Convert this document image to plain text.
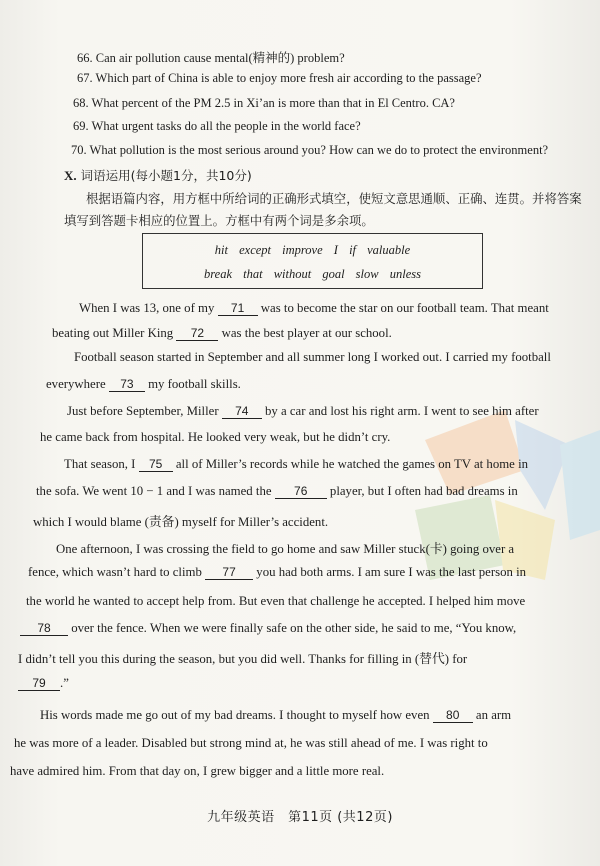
66. Can air pollution cause mental(精神的) problem?
67. Which part of China is able to enjoy more fresh air according to the passage?
68. What percent of the PM 2.5 in Xi’an is more than that in El Centro. CA?
69. What urgent tasks do all the people in the world face?
70. What pollution is the most serious around you? How can we do to protect the environment?
X. 词语运用(每小题1分，共10分)
根据语篇内容，用方框中所给词的正确形式填空，使短文意思通顺、正确、连贯。并将答案
填写到答题卡相应的位置上。方框中有两个词是多余项。
hit except improve I if valuable
break that without goal slow unless
When I was 13, one of my 71 was to become the star on our football team. That meant
beating out Miller King 72 was the best player at our school.
Football season started in September and all summer long I worked out. I carried my football
everywhere 73 my football skills.
Just before September, Miller 74 by a car and lost his right arm. I went to see him after
he came back from hospital. He looked very weak, but he didn’t cry.
That season, I 75 all of Miller’s records while he watched the games on TV at home in
the sofa. We went 10 − 1 and I was named the 76 player, but I often had bad dreams in
which I would blame (责备) myself for Miller’s accident.
One afternoon, I was crossing the field to go home and saw Miller stuck(卡) going over a
fence, which wasn’t hard to climb 77 you had both arms. I am sure I was the last person in
the world he wanted to accept help from. But even that challenge he accepted. I helped him move
78 over the fence. When we were finally safe on the other side, he said to me, “You know,
I didn’t tell you this during the season, but you did well. Thanks for filling in (替代) for
79 .”
His words made me go out of my bad dreams. I thought to myself how even 80 an arm
he was more of a leader. Disabled but strong mind at, he was still ahead of me. I was right to
have admired him. From that day on, I grew bigger and a little more real.
九年级英语　第11页 (共12页)
